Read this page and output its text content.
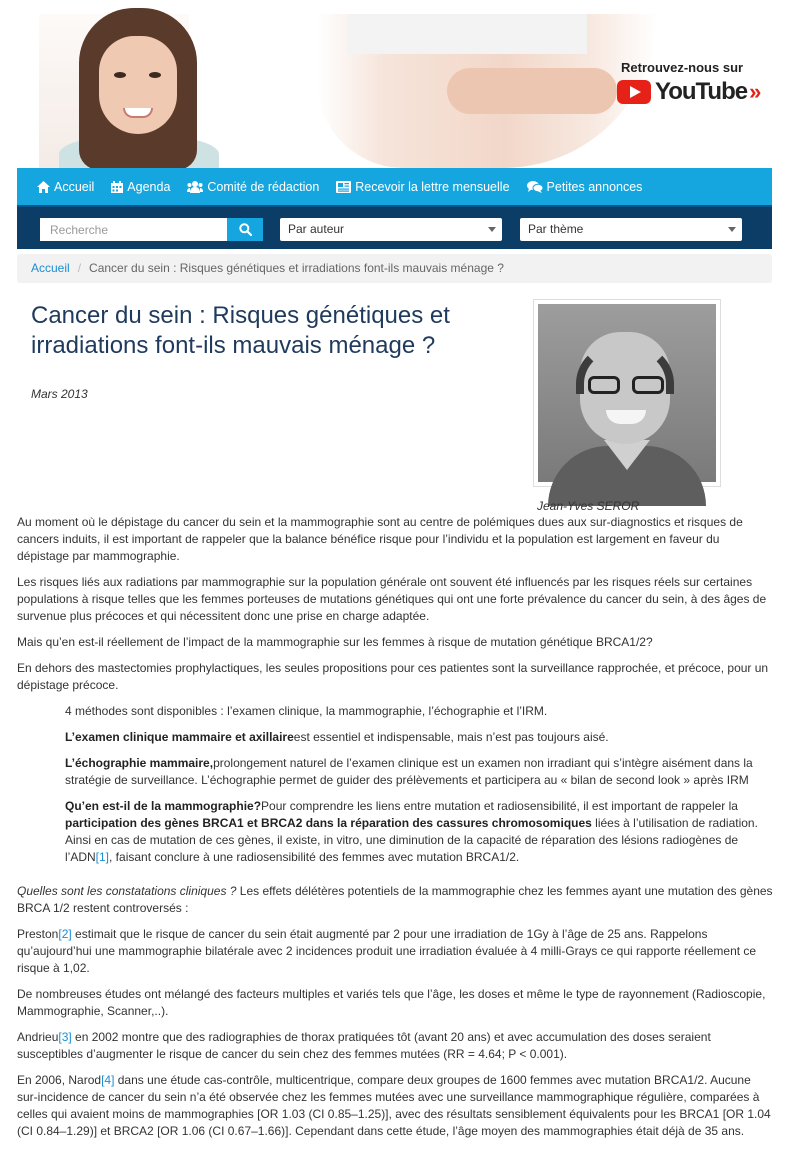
Retrouvez-nous sur
YouTube »
Accueil	Agenda	Comité de rédaction	Recevoir la lettre mensuelle	Petites annonces
Recherche
Par auteur	Par thème
Accueil / Cancer du sein : Risques génétiques et irradiations font-ils mauvais ménage ?
Cancer du sein : Risques génétiques et irradiations font-ils mauvais ménage ?
Mars 2013
Jean-Yves SEROR

Au moment où le dépistage du cancer du sein et la mammographie sont au centre de polémiques dues aux sur-diagnostics et risques de cancers induits, il est important de rappeler que la balance bénéfice risque pour l’individu et la population est largement en faveur du dépistage par mammographie.

Les risques liés aux radiations par mammographie sur la population générale ont souvent été influencés par les risques réels sur certaines populations à risque telles que les femmes porteuses de mutations génétiques qui ont une forte prévalence du cancer du sein, à des âges de survenue plus précoces et qui nécessitent donc une prise en charge adaptée.

Mais qu’en est-il réellement de l’impact de la mammographie sur les femmes à risque de mutation génétique BRCA1/2?

En dehors des mastectomies prophylactiques, les seules propositions pour ces patientes sont la surveillance rapprochée, et précoce, pour un dépistage précoce.

4 méthodes sont disponibles : l’examen clinique, la mammographie, l’échographie et l’IRM.

L’examen clinique mammaire et axillaireest essentiel et indispensable, mais n’est pas toujours aisé.

L’échographie mammaire,prolongement naturel de l’examen clinique est un examen non irradiant qui s’intègre aisément dans la stratégie de surveillance. L’échographie permet de guider des prélèvements et participera au « bilan de second look » après IRM

Qu’en est-il de la mammographie?Pour comprendre les liens entre mutation et radiosensibilité, il est important de rappeler la participation des gènes BRCA1 et BRCA2 dans la réparation des cassures chromosomiques liées à l’utilisation de radiation. Ainsi en cas de mutation de ces gènes, il existe, in vitro, une diminution de la capacité de réparation des lésions radiogènes de l’ADN[1], faisant conclure à une radiosensibilité des femmes avec mutation BRCA1/2.

Quelles sont les constatations cliniques ? Les effets délétères potentiels de la mammographie chez les femmes ayant une mutation des gènes BRCA 1/2 restent controversés :

Preston[2] estimait que le risque de cancer du sein était augmenté par 2 pour une irradiation de 1Gy à l’âge de 25 ans. Rappelons qu’aujourd’hui une mammographie bilatérale avec 2 incidences produit une irradiation évaluée à 4 milli-Grays ce qui rapporte réellement ce risque à 1,02.

De nombreuses études ont mélangé des facteurs multiples et variés tels que l’âge, les doses et même le type de rayonnement (Radioscopie, Mammographie, Scanner,..).

Andrieu[3] en 2002 montre que des radiographies de thorax pratiquées tôt (avant 20 ans) et avec accumulation des doses seraient susceptibles d’augmenter le risque de cancer du sein chez des femmes mutées (RR = 4.64; P < 0.001).

En 2006, Narod[4] dans une étude cas-contrôle, multicentrique, compare deux groupes de 1600 femmes avec mutation BRCA1/2. Aucune sur-incidence de cancer du sein n’a été observée chez les femmes mutées avec une surveillance mammographique régulière, comparées à celles qui avaient moins de mammographies [OR 1.03 (CI 0.85–1.25)], avec des résultats sensiblement équivalents pour les BRCA1 [OR 1.04 (CI 0.84–1.29)] et BRCA2 [OR 1.06 (CI 0.67–1.66)]. Cependant dans cette étude, l’âge moyen des mammographies était déjà de 35 ans.
